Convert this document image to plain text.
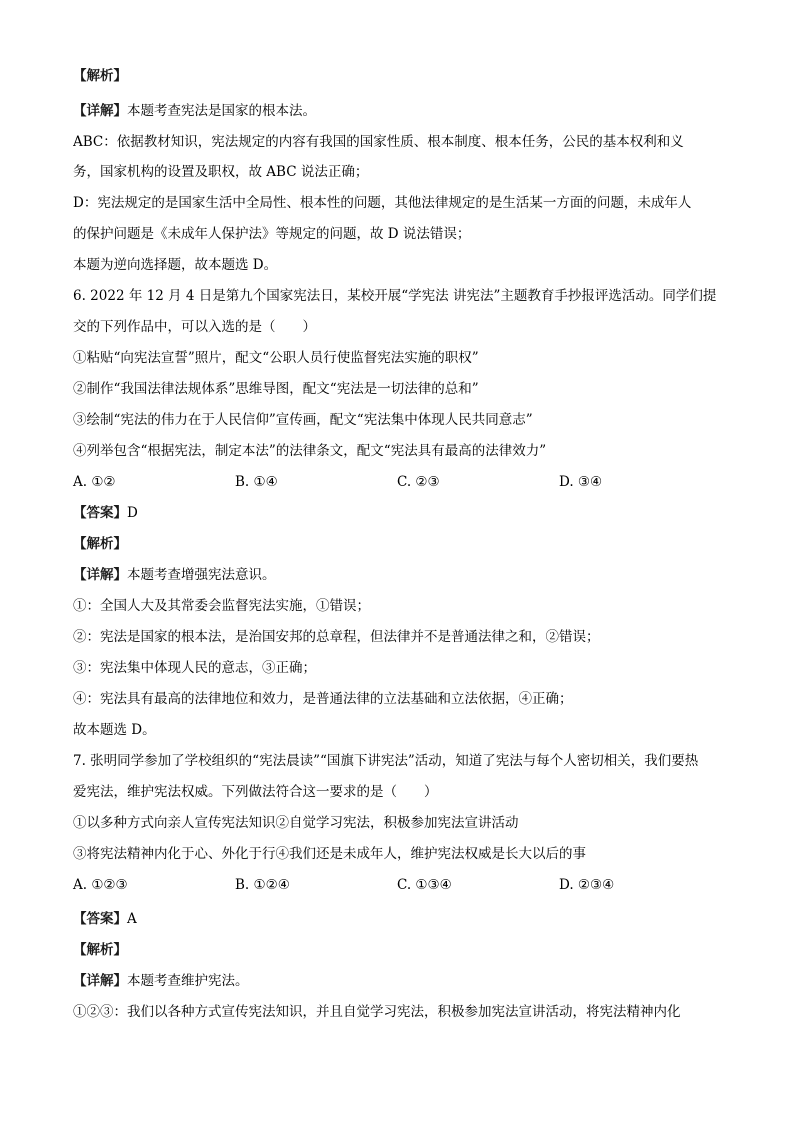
【解析】
【详解】本题考查宪法是国家的根本法。
ABC：依据教材知识，宪法规定的内容有我国的国家性质、根本制度、根本任务，公民的基本权利和义
务，国家机构的设置及职权，故 ABC 说法正确；
D：宪法规定的是国家生活中全局性、根本性的问题，其他法律规定的是生活某一方面的问题，未成年人
的保护问题是《未成年人保护法》等规定的问题，故 D 说法错误；
本题为逆向选择题，故本题选 D。
6. 2022 年 12 月 4 日是第九个国家宪法日，某校开展“学宪法 讲宪法”主题教育手抄报评选活动。同学们提
交的下列作品中，可以入选的是（　　）
①粘贴“向宪法宣誓”照片，配文“公职人员行使监督宪法实施的职权”
②制作“我国法律法规体系”思维导图，配文“宪法是一切法律的总和”
③绘制“宪法的伟力在于人民信仰”宣传画，配文“宪法集中体现人民共同意志”
④列举包含“根据宪法，制定本法”的法律条文，配文“宪法具有最高的法律效力”
A. ①②	B. ①④	C. ②③	D. ③④
【答案】D
【解析】
【详解】本题考查增强宪法意识。
①：全国人大及其常委会监督宪法实施，①错误；
②：宪法是国家的根本法，是治国安邦的总章程，但法律并不是普通法律之和，②错误；
③：宪法集中体现人民的意志，③正确；
④：宪法具有最高的法律地位和效力，是普通法律的立法基础和立法依据，④正确；
故本题选 D。
7. 张明同学参加了学校组织的“宪法晨读”“国旗下讲宪法”活动，知道了宪法与每个人密切相关，我们要热
爱宪法，维护宪法权威。下列做法符合这一要求的是（　　）
①以多种方式向亲人宣传宪法知识②自觉学习宪法，积极参加宪法宣讲活动
③将宪法精神内化于心、外化于行④我们还是未成年人，维护宪法权威是长大以后的事
A. ①②③	B. ①②④	C. ①③④	D. ②③④
【答案】A
【解析】
【详解】本题考查维护宪法。
①②③：我们以各种方式宣传宪法知识，并且自觉学习宪法，积极参加宪法宣讲活动，将宪法精神内化
